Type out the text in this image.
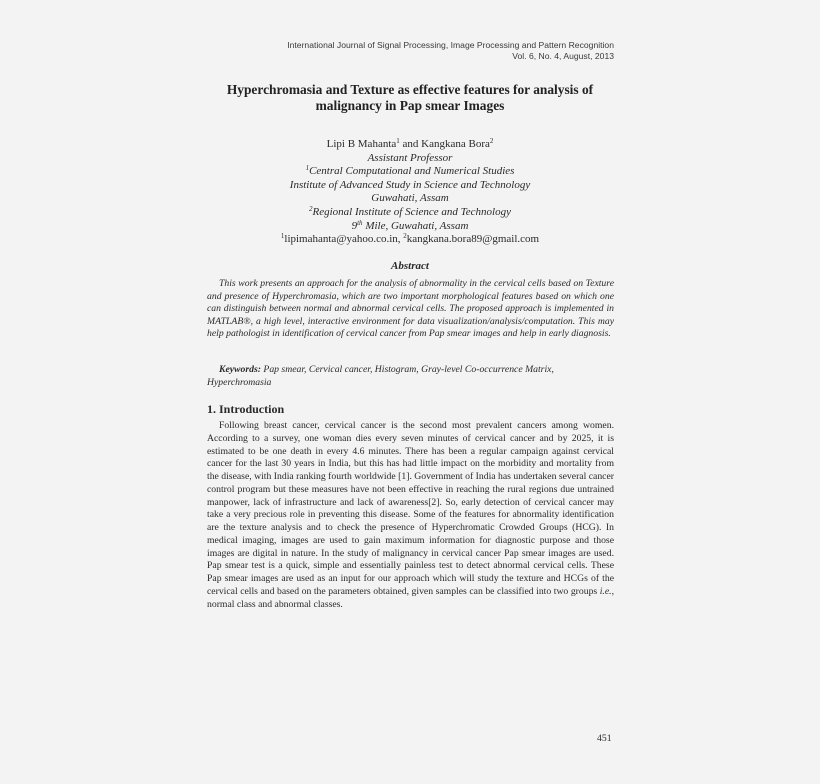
International Journal of Signal Processing, Image Processing and Pattern Recognition
Vol. 6, No. 4, August, 2013
Hyperchromasia and Texture as effective features for analysis of
malignancy in Pap smear Images
Lipi B Mahanta$^1$ and Kangkana Bora$^2$
Assistant Professor
$^1$Central Computational and Numerical Studies
Institute of Advanced Study in Science and Technology
Guwahati, Assam
$^2$Regional Institute of Science and Technology
9th Mile, Guwahati, Assam
$^1$lipimahanta@yahoo.co.in, $^2$kangkana.bora89@gmail.com
Abstract
This work presents an approach for the analysis of abnormality in the cervical cells based on Texture and presence of Hyperchromasia, which are two important morphological features based on which one can distinguish between normal and abnormal cervical cells. The proposed approach is implemented in MATLAB®, a high level, interactive environment for data visualization/analysis/computation. This may help pathologist in identification of cervical cancer from Pap smear images and help in early diagnosis.
Keywords: Pap smear, Cervical cancer, Histogram, Gray-level Co-occurrence Matrix, Hyperchromasia
1. Introduction
Following breast cancer, cervical cancer is the second most prevalent cancers among women. According to a survey, one woman dies every seven minutes of cervical cancer and by 2025, it is estimated to be one death in every 4.6 minutes. There has been a regular campaign against cervical cancer for the last 30 years in India, but this has had little impact on the morbidity and mortality from the disease, with India ranking fourth worldwide [1]. Government of India has undertaken several cancer control program but these measures have not been effective in reaching the rural regions due untrained manpower, lack of infrastructure and lack of awareness[2]. So, early detection of cervical cancer may take a very precious role in preventing this disease. Some of the features for abnormality identification are the texture analysis and to check the presence of Hyperchromatic Crowded Groups (HCG). In medical imaging, images are used to gain maximum information for diagnostic purpose and those images are digital in nature. In the study of malignancy in cervical cancer Pap smear images are used. Pap smear test is a quick, simple and essentially painless test to detect abnormal cervical cells. These Pap smear images are used as an input for our approach which will study the texture and HCGs of the cervical cells and based on the parameters obtained, given samples can be classified into two groups i.e., normal class and abnormal classes.
451
